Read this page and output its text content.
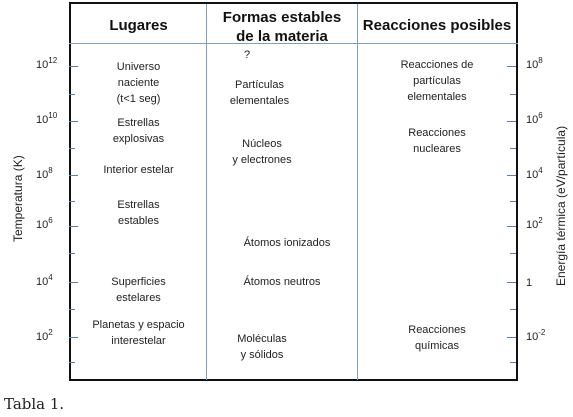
Lugares	Formas estables
de la materia
Reacciones posibles
Universo
naciente
(t<1 seg)
Estrellas
explosivas
Interior estelar
Estrellas
estables
Superficies
estelares
Planetas y espacio
interestelar
?
Partículas
elementales
Núcleos
y electrones
Átomos ionizados
Átomos neutros
Moléculas
y sólidos
Reacciones de
partículas
elementales
Reacciones
nucleares
Reacciones
químicas
$10^{12}$
$10^{10}$
$10^8$
$10^6$
$10^4$
$10^2$
$10^8$
$10^6$
$10^4$
$10^2$
1
$10^{-2}$
Temperatura (K)	Energía térmica (eV/partícula)
Tabla 1.
